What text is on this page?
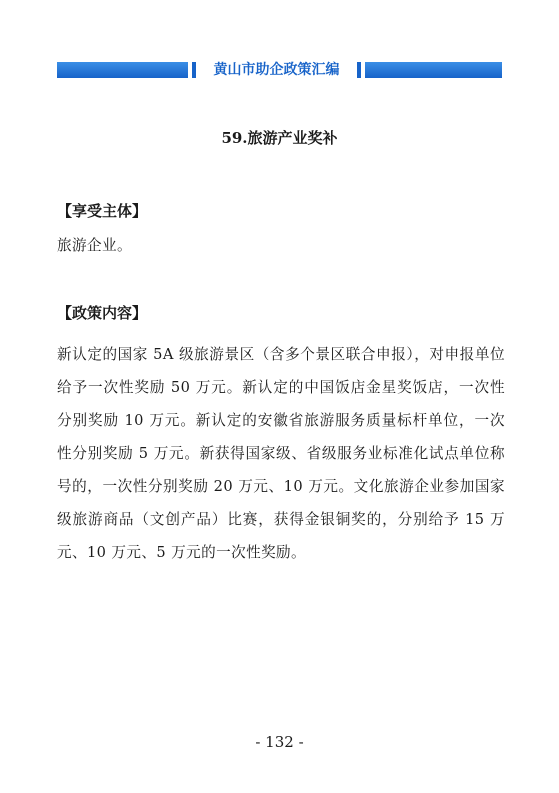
黄山市助企政策汇编
59.旅游产业奖补
【享受主体】
旅游企业。
【政策内容】
新认定的国家 5A 级旅游景区（含多个景区联合申报），对申报单位给予一次性奖励 50 万元。新认定的中国饭店金星奖饭店，一次性分别奖励 10 万元。新认定的安徽省旅游服务质量标杆单位，一次性分别奖励 5 万元。新获得国家级、省级服务业标准化试点单位称号的，一次性分别奖励 20 万元、10 万元。文化旅游企业参加国家级旅游商品（文创产品）比赛，获得金银铜奖的，分别给予 15 万元、10 万元、5 万元的一次性奖励。
- 132 -
